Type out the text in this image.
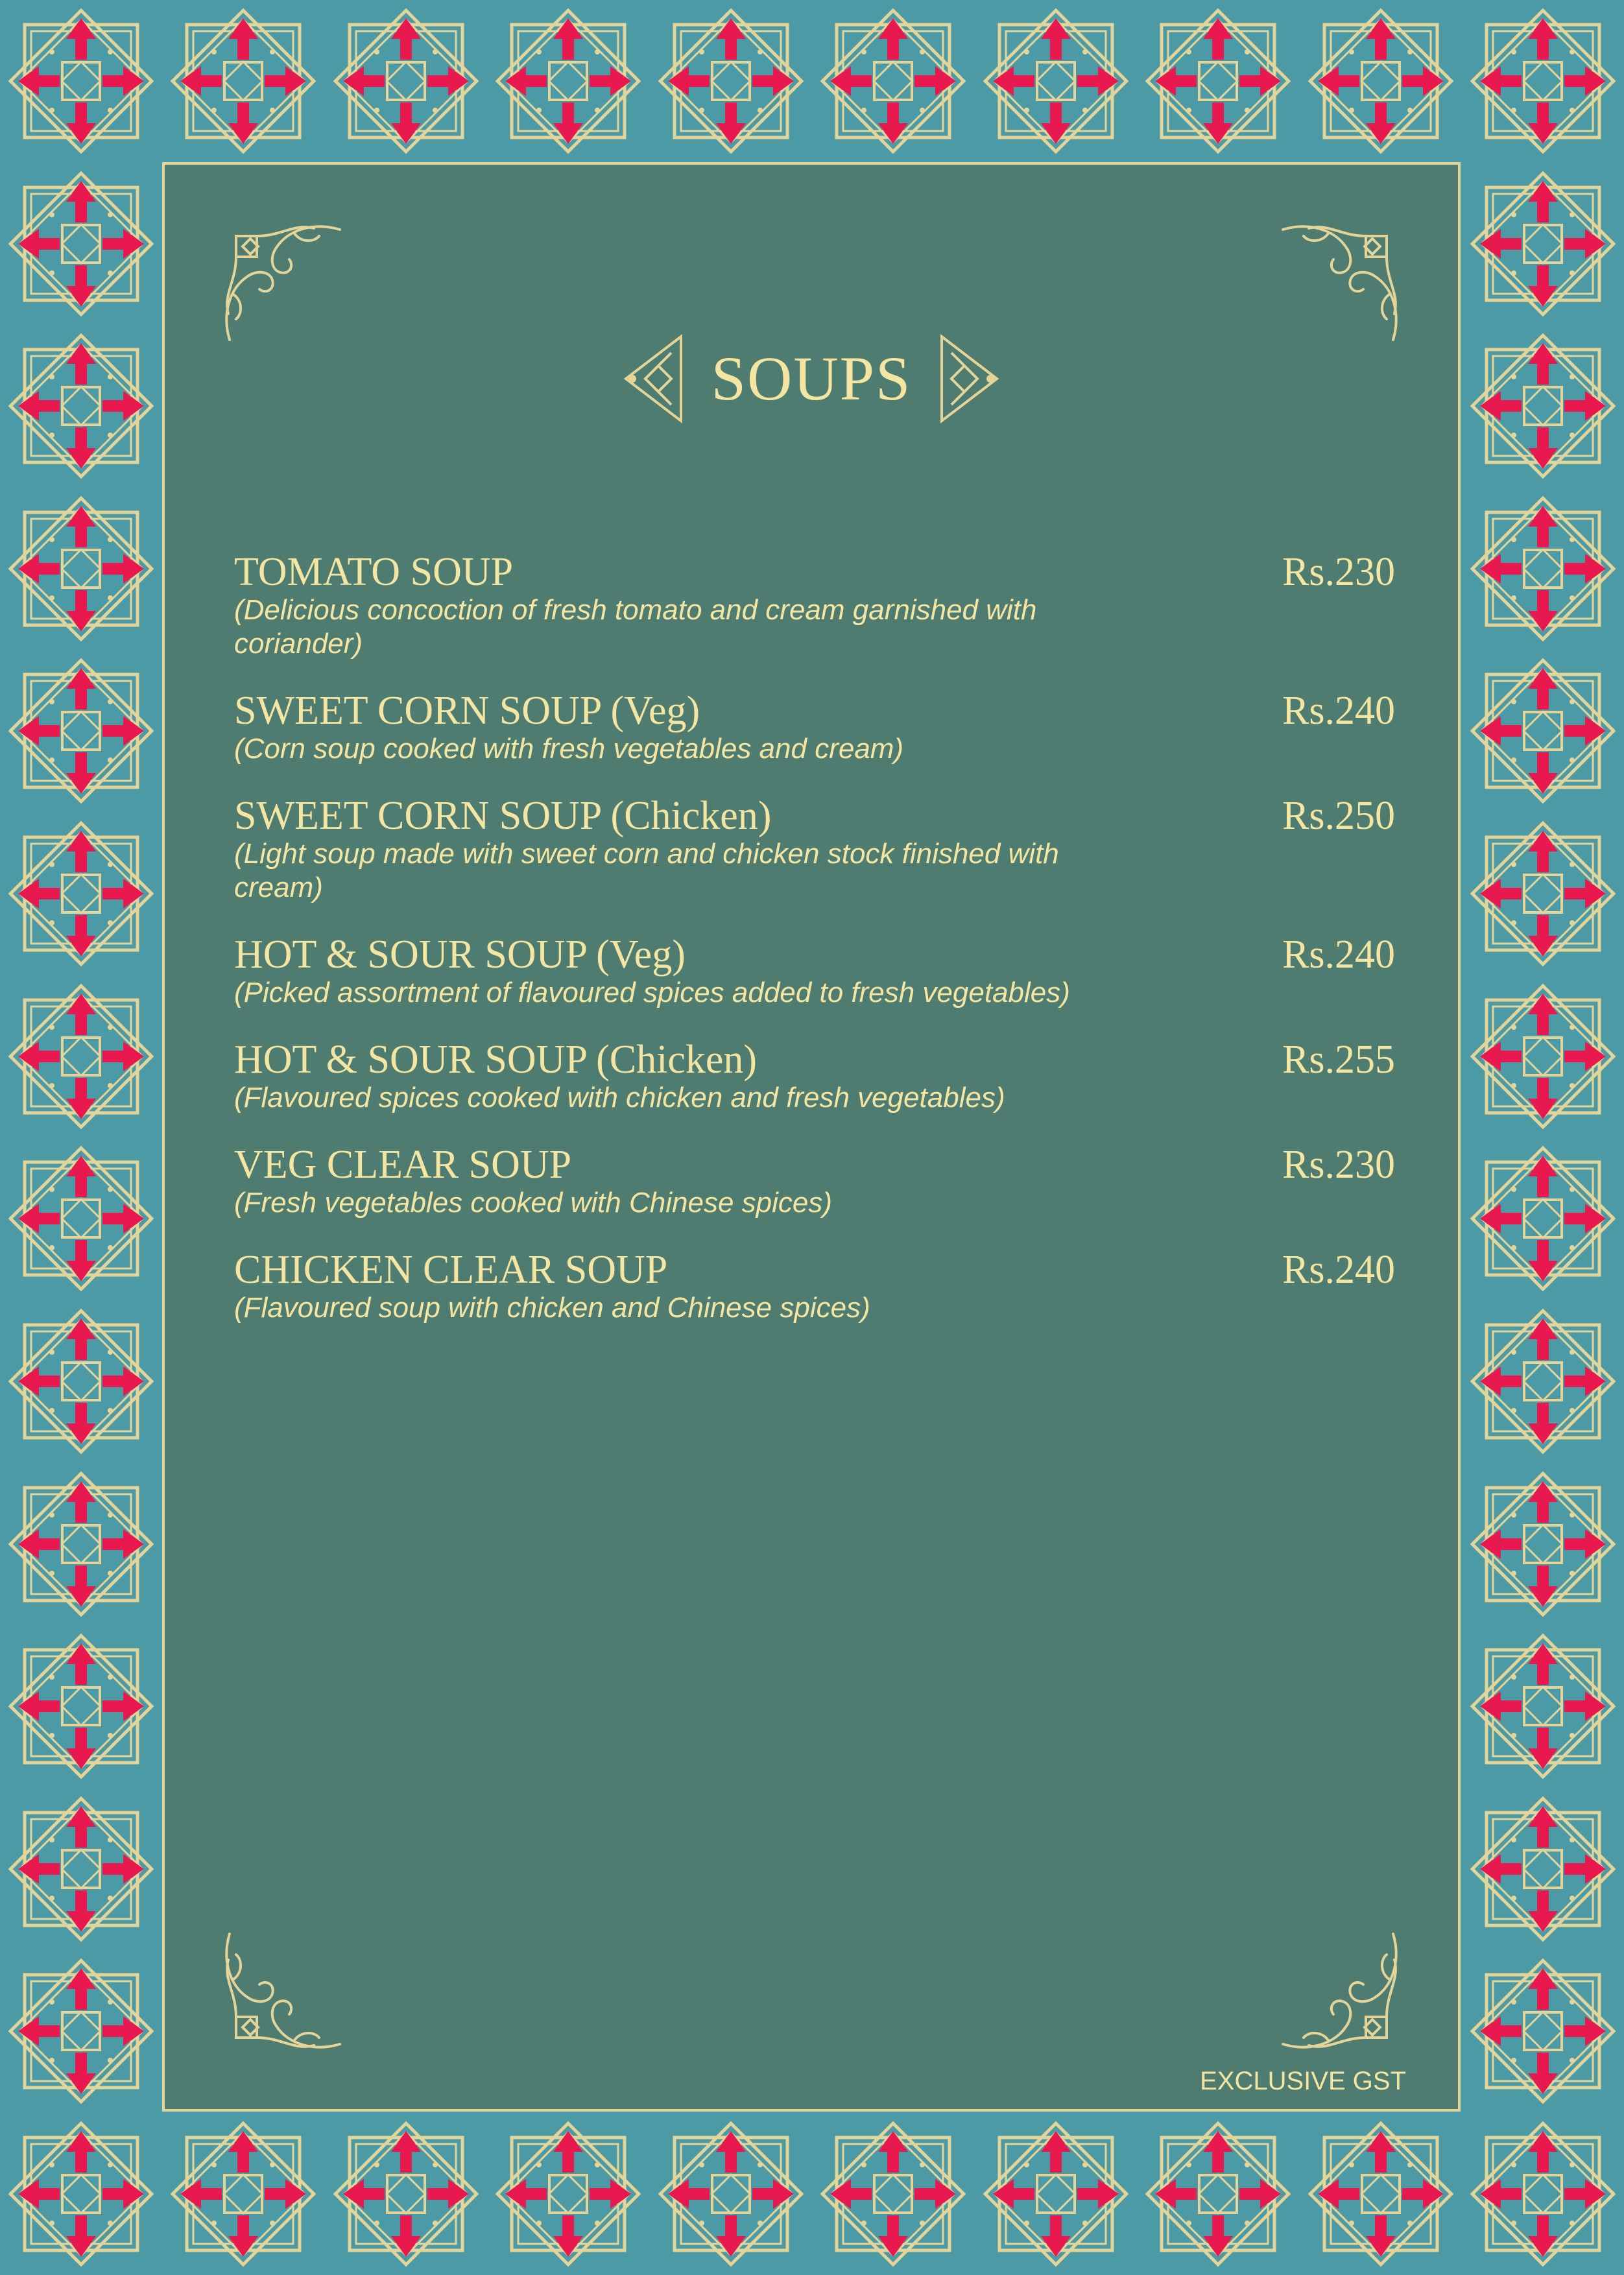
SOUPS
TOMATO SOUP	Rs.230
(Delicious concoction of fresh tomato and cream garnished with coriander)
SWEET CORN SOUP (Veg)	Rs.240
(Corn soup cooked with fresh vegetables and cream)
SWEET CORN SOUP (Chicken)	Rs.250
(Light soup made with sweet corn and chicken stock finished with cream)
HOT & SOUR SOUP (Veg)	Rs.240
(Picked assortment of flavoured spices added to fresh vegetables)
HOT & SOUR SOUP (Chicken)	Rs.255
(Flavoured spices cooked with chicken and fresh vegetables)
VEG CLEAR SOUP	Rs.230
(Fresh vegetables cooked with Chinese spices)
CHICKEN CLEAR SOUP	Rs.240
(Flavoured soup with chicken and Chinese spices)
EXCLUSIVE GST
